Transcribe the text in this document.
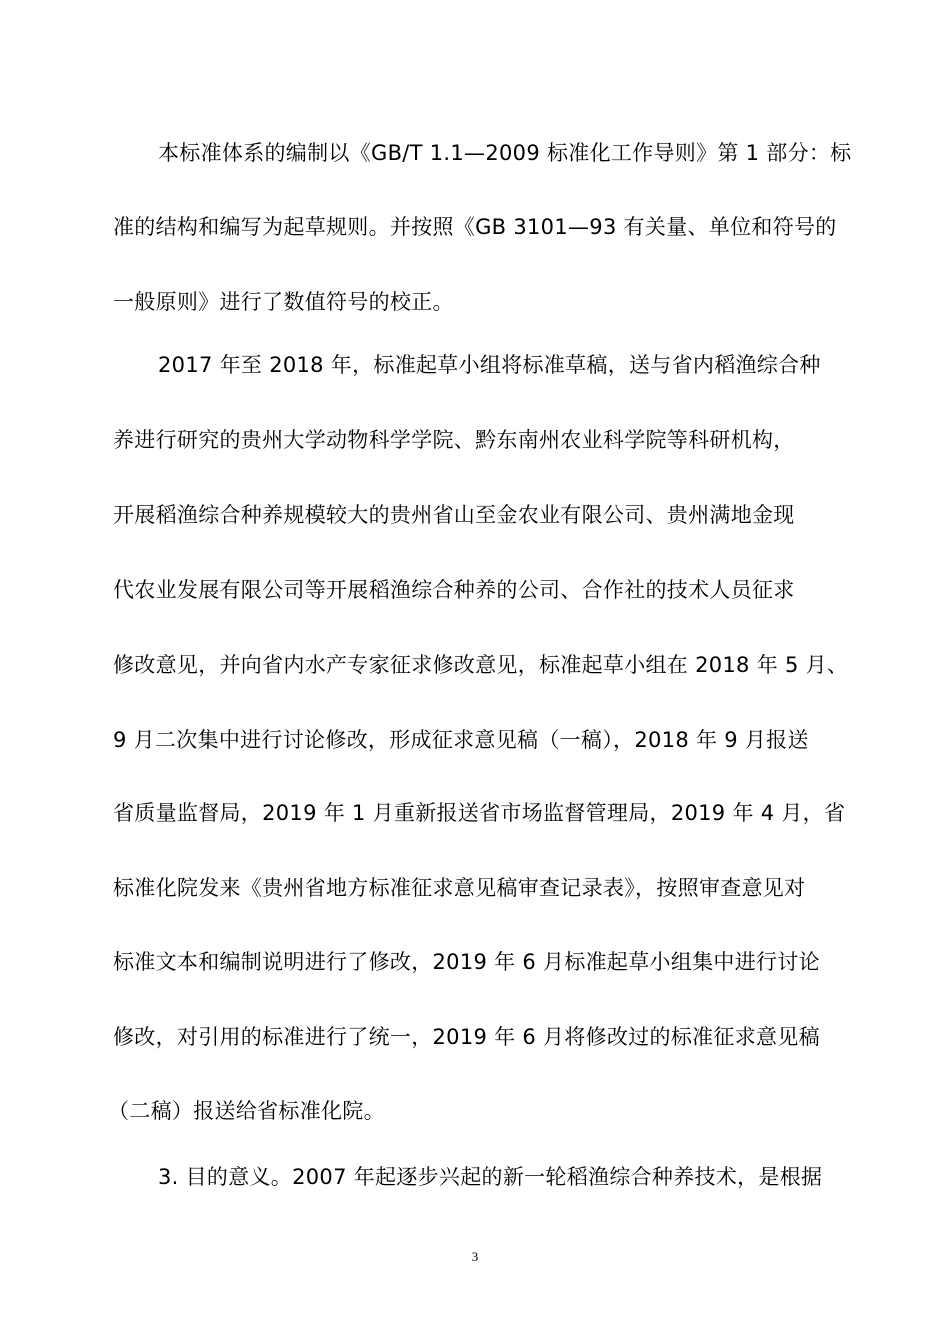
本标准体系的编制以《GB/T 1.1—2009 标准化工作导则》第 1 部分：标
准的结构和编写为起草规则。并按照《GB 3101—93 有关量、单位和符号的
一般原则》进行了数值符号的校正。
2017 年至 2018 年，标准起草小组将标准草稿，送与省内稻渔综合种
养进行研究的贵州大学动物科学学院、黔东南州农业科学院等科研机构，
开展稻渔综合种养规模较大的贵州省山至金农业有限公司、贵州满地金现
代农业发展有限公司等开展稻渔综合种养的公司、合作社的技术人员征求
修改意见，并向省内水产专家征求修改意见，标准起草小组在 2018 年 5 月、
9 月二次集中进行讨论修改，形成征求意见稿（一稿），2018 年 9 月报送
省质量监督局，2019 年 1 月重新报送省市场监督管理局，2019 年 4 月，省
标准化院发来《贵州省地方标准征求意见稿审查记录表》，按照审查意见对
标准文本和编制说明进行了修改，2019 年 6 月标准起草小组集中进行讨论
修改，对引用的标准进行了统一，2019 年 6 月将修改过的标准征求意见稿
（二稿）报送给省标准化院。
3. 目的意义。2007 年起逐步兴起的新一轮稻渔综合种养技术，是根据
3
